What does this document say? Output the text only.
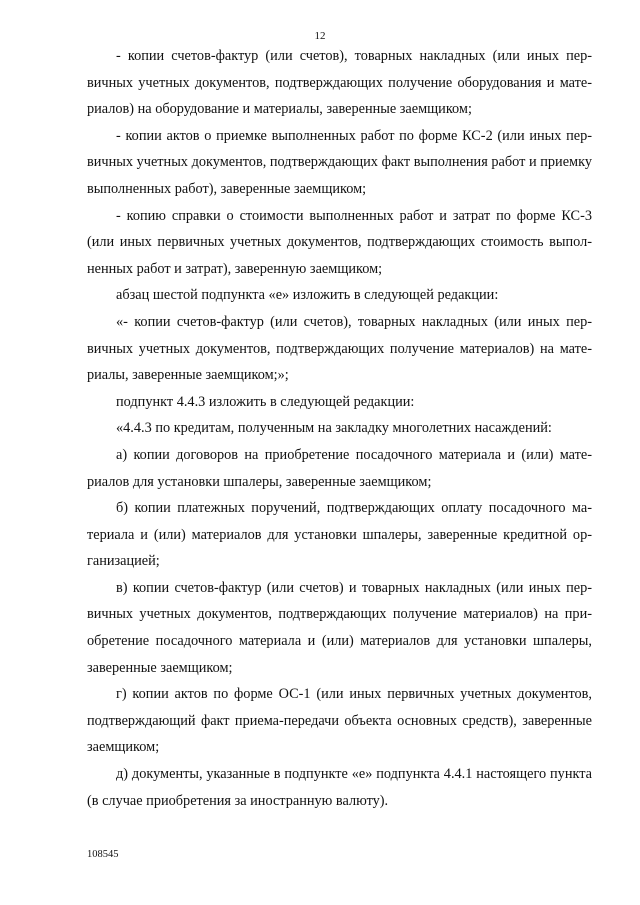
12

- копии счетов-фактур (или счетов), товарных накладных (или иных первичных учетных документов, подтверждающих получение оборудования и материалов) на оборудование и материалы, заверенные заемщиком;

- копии актов о приемке выполненных работ по форме КС-2 (или иных первичных учетных документов, подтверждающих факт выполнения работ и приемку выполненных работ), заверенные заемщиком;

- копию справки о стоимости выполненных работ и затрат по форме КС-3 (или иных первичных учетных документов, подтверждающих стоимость выполненных работ и затрат), заверенную заемщиком;

абзац шестой подпункта «е» изложить в следующей редакции:

«- копии счетов-фактур (или счетов), товарных накладных (или иных первичных учетных документов, подтверждающих получение материалов) на материалы, заверенные заемщиком;»;

подпункт 4.4.3 изложить в следующей редакции:

«4.4.3 по кредитам, полученным на закладку многолетних насаждений:

а) копии договоров на приобретение посадочного материала и (или) материалов для установки шпалеры, заверенные заемщиком;

б) копии платежных поручений, подтверждающих оплату посадочного материала и (или) материалов для установки шпалеры, заверенные кредитной организацией;

в) копии счетов-фактур (или счетов) и товарных накладных (или иных первичных учетных документов, подтверждающих получение материалов) на приобретение посадочного материала и (или) материалов для установки шпалеры, заверенные заемщиком;

г) копии актов по форме ОС-1 (или иных первичных учетных документов, подтверждающий факт приема-передачи объекта основных средств), заверенные заемщиком;

д) документы, указанные в подпункте «е» подпункта 4.4.1 настоящего пункта (в случае приобретения за иностранную валюту).

108545
